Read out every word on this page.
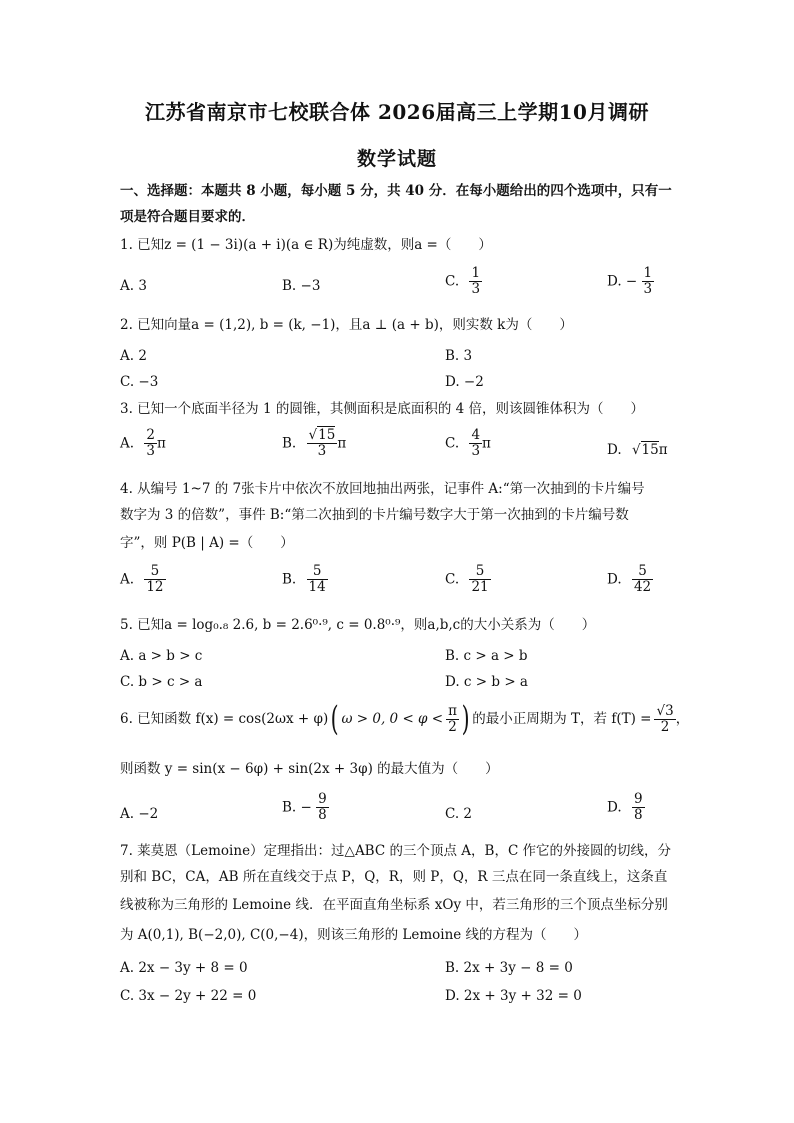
江苏省南京市七校联合体 2026届高三上学期10月调研
数学试题
一、选择题：本题共 8 小题，每小题 5 分，共 40 分．在每小题给出的四个选项中，只有一项是符合题目要求的．
1. 已知z = (1 − 3i)(a + i)(a ∈ R)为纯虚数，则a =（　　）
A. 3	B. −3	C. $\frac{1}{3}$	D. − $\frac{1}{3}$
2. 已知向量a = (1,2), b = (k, −1)，且a ⊥ (a + b)，则实数 k为（　　）
A. 2	B. 3
C. −3	D. −2
3. 已知一个底面半径为 1 的圆锥，其侧面积是底面积的 4 倍，则该圆锥体积为（　　）
A. $\frac{2}{3}$ π	B. $\frac{√15}{3}$ π	C. $\frac{4}{3}$ π	D. √15π
4. 从编号 1~7 的 7张卡片中依次不放回地抽出两张，记事件 A:“第一次抽到的卡片编号
数字为 3 的倍数”，事件 B:“第二次抽到的卡片编号数字大于第一次抽到的卡片编号数
字”，则 P(B | A) =（　　）
A. $\frac{5}{12}$	B. $\frac{5}{14}$	C. $\frac{5}{21}$	D. $\frac{5}{42}$
5. 已知a = log₀.₈ 2.6, b = 2.6⁰·⁹, c = 0.8⁰·⁹，则a,b,c的大小关系为（　　）
A. a > b > c	B. c > a > b
C. b > c > a	D. c > b > a
6. 已知函数 f(x) = cos(2ωx + φ)( ω > 0, $0 < \varphi < \frac{\pi}{2}$ ) 的最小正周期为 T，若 $f(T) = \frac{√3}{2}$ ，
则函数 y = sin(x − 6φ) + sin(2x + 3φ) 的最大值为（　　）
A. −2	B. − $\frac{9}{8}$	C. 2	D. $\frac{9}{8}$
7. 莱莫恩（Lemoine）定理指出：过△ABC 的三个顶点 A，B，C 作它的外接圆的切线，分
别和 BC，CA，AB 所在直线交于点 P，Q，R，则 P，Q，R 三点在同一条直线上，这条直
线被称为三角形的 Lemoine 线．在平面直角坐标系 xOy 中，若三角形的三个顶点坐标分别
为 A(0,1), B(−2,0), C(0,−4)，则该三角形的 Lemoine 线的方程为（　　）
A. 2x − 3y + 8 = 0	B. 2x + 3y − 8 = 0
C. 3x − 2y + 22 = 0	D. 2x + 3y + 32 = 0
